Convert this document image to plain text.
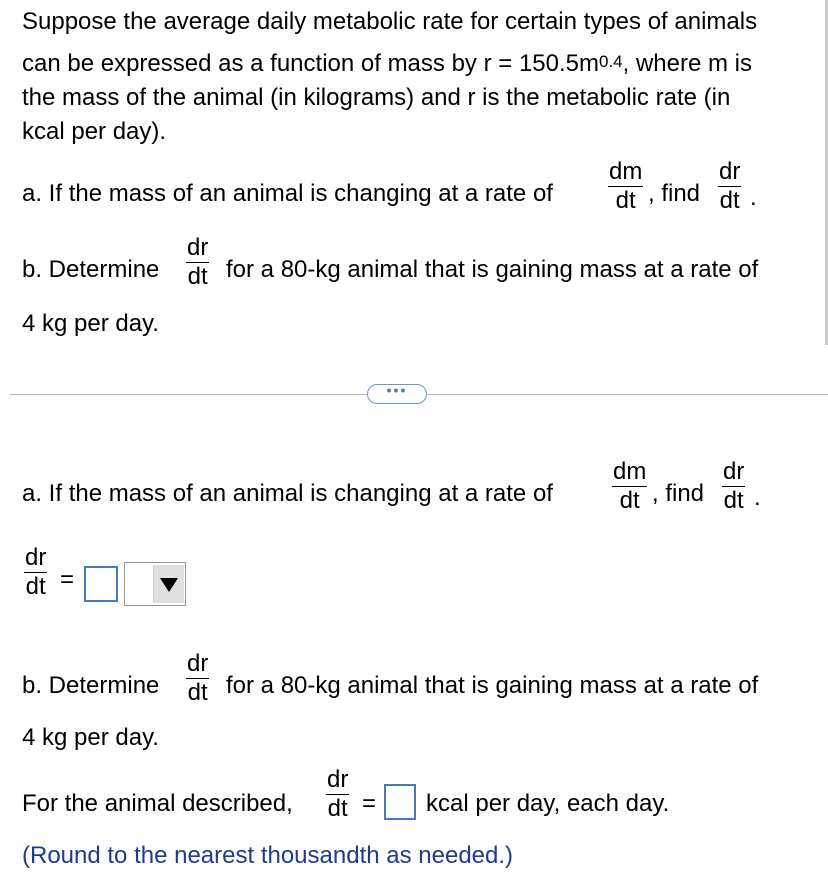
Suppose the average daily metabolic rate for certain types of animals
can be expressed as a function of mass by $r = 150.5m^{0.4}$, where m is
the mass of the animal (in kilograms) and r is the metabolic rate (in
kcal per day).
a. If the mass of an animal is changing at a rate of
dm
dt , find
dr
dt .
b. Determine
dr
dt for a 80-kg animal that is gaining mass at a rate of
4 kg per day.
•••
a. If the mass of an animal is changing at a rate of
dm
dt , find
dr
dt .
dr
dt =
b. Determine
dr
dt for a 80-kg animal that is gaining mass at a rate of
4 kg per day.
For the animal described,
dr
dt = kcal per day, each day.
(Round to the nearest thousandth as needed.)
